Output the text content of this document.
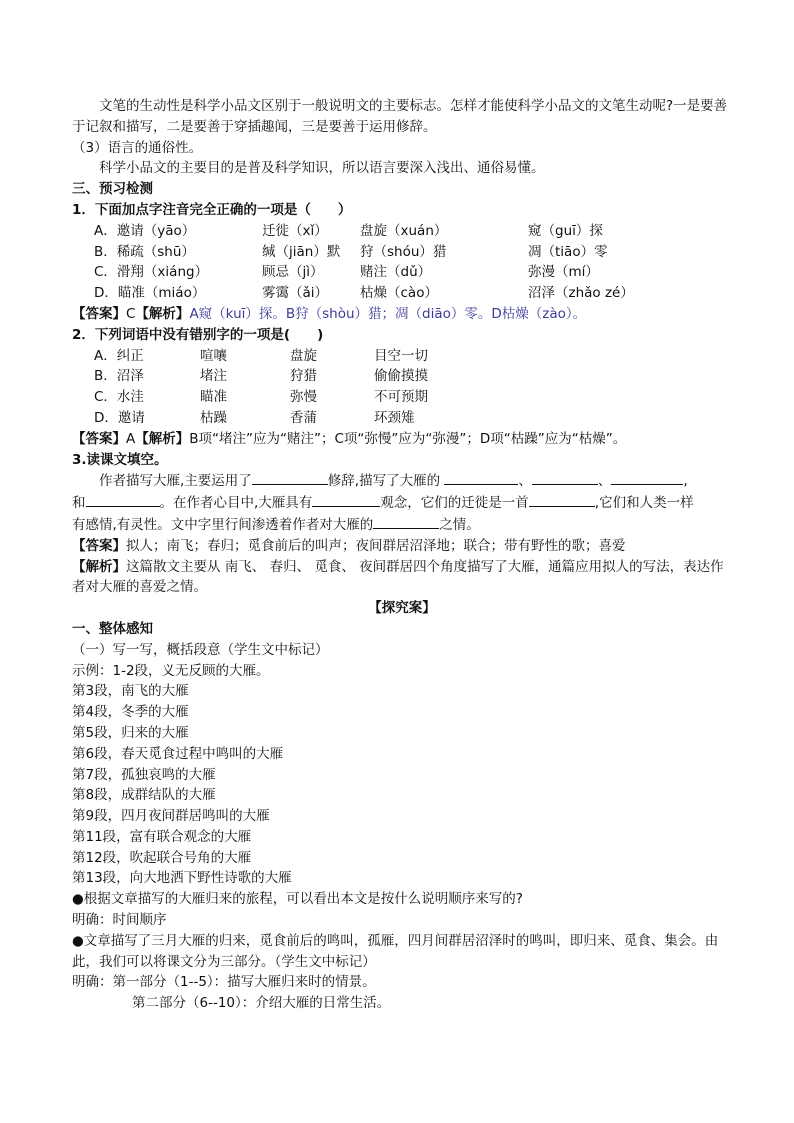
文笔的生动性是科学小品文区别于一般说明文的主要标志。怎样才能使科学小品文的文笔生动呢?一是要善于记叙和描写，二是要善于穿插趣闻，三是要善于运用修辞。

（3）语言的通俗性。

科学小品文的主要目的是普及科学知识，所以语言要深入浅出、通俗易懂。

三、预习检测

1．下面加点字注音完全正确的一项是（　　）

A．邀请（yāo）	迁徙（xǐ）	盘旋（xuán）	窥（guī）探
B．稀疏（shū）	缄（jiān）默	狩（shóu）猎	凋（tiāo）零
C．滑翔（xiáng）	顾忌（jì）	赌注（dǔ）	弥漫（mí）
D．瞄准（miáo）	雾霭（ǎi）	枯燥（cào）	沼泽（zhǎo zé）

【答案】C【解析】A窥（kuī）探。B狩（shòu）猎；凋（diāo）零。D枯燥（zào）。

2．下列词语中没有错别字的一项是(　　)

A．纠正	喧嚷	盘旋	目空一切
B．沼泽	堵注	狩猎	偷偷摸摸
C．水洼	瞄准	弥慢	不可预期
D．邀请	枯躁	香蒲	环颈雉

【答案】A【解析】B项“堵注”应为“赌注”；C项“弥慢”应为“弥漫”；D项“枯躁”应为“枯燥”。

3.读课文填空。

作者描写大雁,主要运用了	修辞,描写了大雁的	、	、	,

和	。在作者心目中,大雁具有	观念，它们的迁徙是一首	,它们和人类一样

有感情,有灵性。文中字里行间渗透着作者对大雁的	之情。

【答案】拟人；南飞；春归；觅食前后的叫声；夜间群居沼泽地；联合；带有野性的歌；喜爱

【解析】这篇散文主要从 南飞、 春归、 觅食、 夜间群居四个角度描写了大雁，通篇应用拟人的写法，表达作者对大雁的喜爱之情。

【探究案】

一、整体感知

（一）写一写，概括段意（学生文中标记）

示例：1-2段，义无反顾的大雁。

第3段，南飞的大雁

第4段，冬季的大雁

第5段，归来的大雁

第6段，春天觅食过程中鸣叫的大雁

第7段，孤独哀鸣的大雁

第8段，成群结队的大雁

第9段，四月夜间群居鸣叫的大雁

第11段，富有联合观念的大雁

第12段，吹起联合号角的大雁

第13段，向大地洒下野性诗歌的大雁

●根据文章描写的大雁归来的旅程，可以看出本文是按什么说明顺序来写的?

明确：时间顺序

●文章描写了三月大雁的归来，觅食前后的鸣叫，孤雁，四月间群居沼泽时的鸣叫，即归来、觅食、集会。由此，我们可以将课文分为三部分。（学生文中标记）

明确：第一部分（1--5）：描写大雁归来时的情景。

第二部分（6--10）：介绍大雁的日常生活。
